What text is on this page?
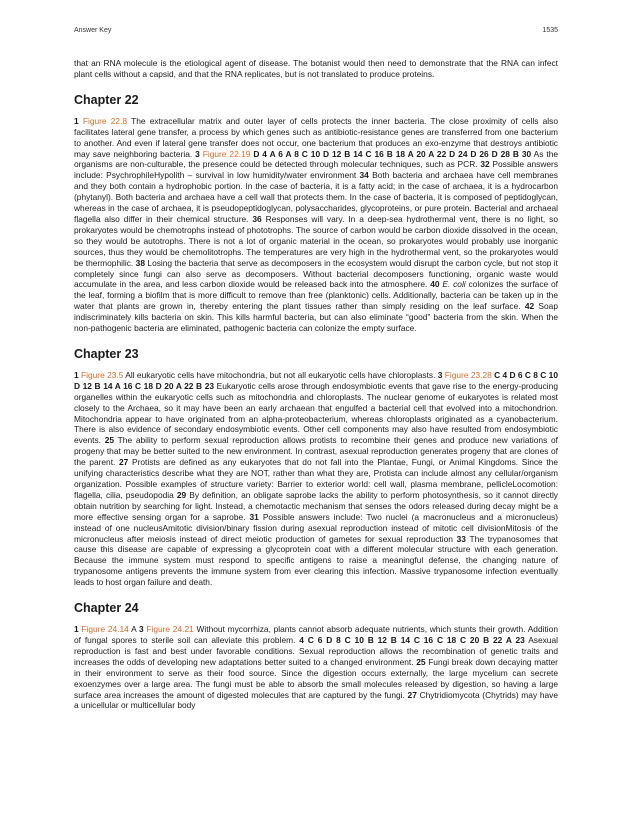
Answer Key	1535

that an RNA molecule is the etiological agent of disease. The botanist would then need to demonstrate that the RNA can infect plant cells without a capsid, and that the RNA replicates, but is not translated to produce proteins.

Chapter 22

1 Figure 22.8 The extracellular matrix and outer layer of cells protects the inner bacteria. The close proximity of cells also facilitates lateral gene transfer, a process by which genes such as antibiotic-resistance genes are transferred from one bacterium to another. And even if lateral gene transfer does not occur, one bacterium that produces an exo-enzyme that destroys antibiotic may save neighboring bacteria. 3 Figure 22.19 D 4 A 6 A 8 C 10 D 12 B 14 C 16 B 18 A 20 A 22 D 24 D 26 D 28 B 30 As the organisms are non-culturable, the presence could be detected through molecular techniques, such as PCR. 32 Possible answers include: PsychrophileHypolith – survival in low humidity/water environment 34 Both bacteria and archaea have cell membranes and they both contain a hydrophobic portion. In the case of bacteria, it is a fatty acid; in the case of archaea, it is a hydrocarbon (phytanyl). Both bacteria and archaea have a cell wall that protects them. In the case of bacteria, it is composed of peptidoglycan, whereas in the case of archaea, it is pseudopeptidoglycan, polysaccharides, glycoproteins, or pure protein. Bacterial and archaeal flagella also differ in their chemical structure. 36 Responses will vary. In a deep-sea hydrothermal vent, there is no light, so prokaryotes would be chemotrophs instead of phototrophs. The source of carbon would be carbon dioxide dissolved in the ocean, so they would be autotrophs. There is not a lot of organic material in the ocean, so prokaryotes would probably use inorganic sources, thus they would be chemolitotrophs. The temperatures are very high in the hydrothermal vent, so the prokaryotes would be thermophilic. 38 Losing the bacteria that serve as decomposers in the ecosystem would disrupt the carbon cycle, but not stop it completely since fungi can also serve as decomposers. Without bacterial decomposers functioning, organic waste would accumulate in the area, and less carbon dioxide would be released back into the atmosphere. 40 E. coli colonizes the surface of the leaf, forming a biofilm that is more difficult to remove than free (planktonic) cells. Additionally, bacteria can be taken up in the water that plants are grown in, thereby entering the plant tissues rather than simply residing on the leaf surface. 42 Soap indiscriminately kills bacteria on skin. This kills harmful bacteria, but can also eliminate “good” bacteria from the skin. When the non-pathogenic bacteria are eliminated, pathogenic bacteria can colonize the empty surface.

Chapter 23

1 Figure 23.5 All eukaryotic cells have mitochondria, but not all eukaryotic cells have chloroplasts. 3 Figure 23.28 C 4 D 6 C 8 C 10 D 12 B 14 A 16 C 18 D 20 A 22 B 23 Eukaryotic cells arose through endosymbiotic events that gave rise to the energy-producing organelles within the eukaryotic cells such as mitochondria and chloroplasts. The nuclear genome of eukaryotes is related most closely to the Archaea, so it may have been an early archaean that engulfed a bacterial cell that evolved into a mitochondrion. Mitochondria appear to have originated from an alpha-proteobacterium, whereas chloroplasts originated as a cyanobacterium. There is also evidence of secondary endosymbiotic events. Other cell components may also have resulted from endosymbiotic events. 25 The ability to perform sexual reproduction allows protists to recombine their genes and produce new variations of progeny that may be better suited to the new environment. In contrast, asexual reproduction generates progeny that are clones of the parent. 27 Protists are defined as any eukaryotes that do not fall into the Plantae, Fungi, or Animal Kingdoms. Since the unifying characteristics describe what they are NOT, rather than what they are, Protista can include almost any cellular/organism organization. Possible examples of structure variety: Barrier to exterior world: cell wall, plasma membrane, pellicleLocomotion: flagella, cilia, pseudopodia 29 By definition, an obligate saprobe lacks the ability to perform photosynthesis, so it cannot directly obtain nutrition by searching for light. Instead, a chemotactic mechanism that senses the odors released during decay might be a more effective sensing organ for a saprobe. 31 Possible answers include: Two nuclei (a macronucleus and a micronucleus) instead of one nucleusAmitotic division/binary fission during asexual reproduction instead of mitotic cell divisionMitosis of the micronucleus after meiosis instead of direct meiotic production of gametes for sexual reproduction 33 The trypanosomes that cause this disease are capable of expressing a glycoprotein coat with a different molecular structure with each generation. Because the immune system must respond to specific antigens to raise a meaningful defense, the changing nature of trypanosome antigens prevents the immune system from ever clearing this infection. Massive trypanosome infection eventually leads to host organ failure and death.

Chapter 24

1 Figure 24.14 A 3 Figure 24.21 Without mycorrhiza, plants cannot absorb adequate nutrients, which stunts their growth. Addition of fungal spores to sterile soil can alleviate this problem. 4 C 6 D 8 C 10 B 12 B 14 C 16 C 18 C 20 B 22 A 23 Asexual reproduction is fast and best under favorable conditions. Sexual reproduction allows the recombination of genetic traits and increases the odds of developing new adaptations better suited to a changed environment. 25 Fungi break down decaying matter in their environment to serve as their food source. Since the digestion occurs externally, the large mycelium can secrete exoenzymes over a large area. The fungi must be able to absorb the small molecules released by digestion, so having a large surface area increases the amount of digested molecules that are captured by the fungi. 27 Chytridiomycota (Chytrids) may have a unicellular or multicellular body
